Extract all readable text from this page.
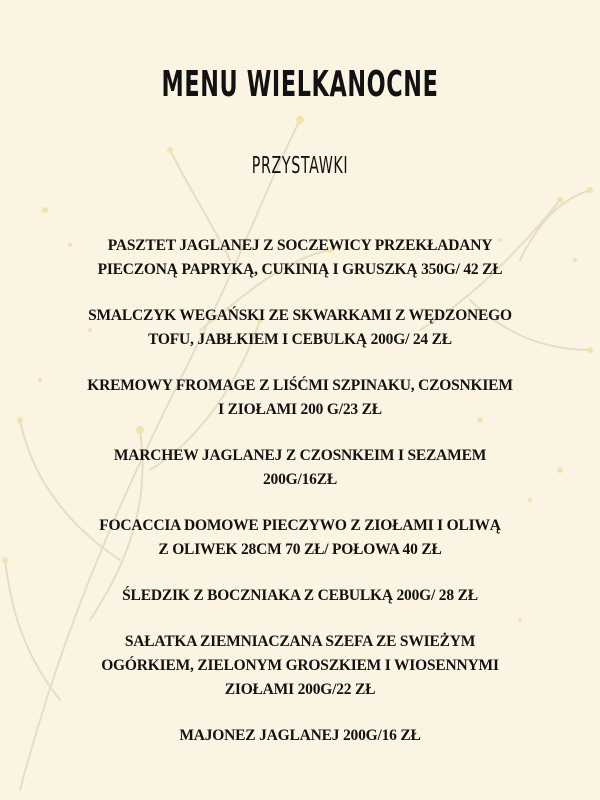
MENU WIELKANOCNE
PRZYSTAWKI
PASZTET JAGLANEJ Z SOCZEWICY PRZEKŁADANY
PIECZONĄ PAPRYKĄ, CUKINIĄ I GRUSZKĄ 350G/ 42 ZŁ
SMALCZYK WEGAŃSKI ZE SKWARKAMI Z WĘDZONEGO
TOFU, JABŁKIEM I CEBULKĄ 200G/ 24 ZŁ
KREMOWY FROMAGE Z LIŚĆMI SZPINAKU, CZOSNKIEM
I ZIOŁAMI 200 G/23 ZŁ
MARCHEW JAGLANEJ Z CZOSNKEIM I SEZAMEM
200G/16ZŁ
FOCACCIA DOMOWE PIECZYWO Z ZIOŁAMI I OLIWĄ
Z OLIWEK 28CM 70 ZŁ/ POŁOWA 40 ZŁ
ŚLEDZIK Z BOCZNIAKA Z CEBULKĄ 200G/ 28 ZŁ
SAŁATKA ZIEMNIACZANA SZEFA ZE SWIEŻYM
OGÓRKIEM, ZIELONYM GROSZKIEM I WIOSENNYMI
ZIOŁAMI 200G/22 ZŁ
MAJONEZ JAGLANEJ 200G/16 ZŁ
